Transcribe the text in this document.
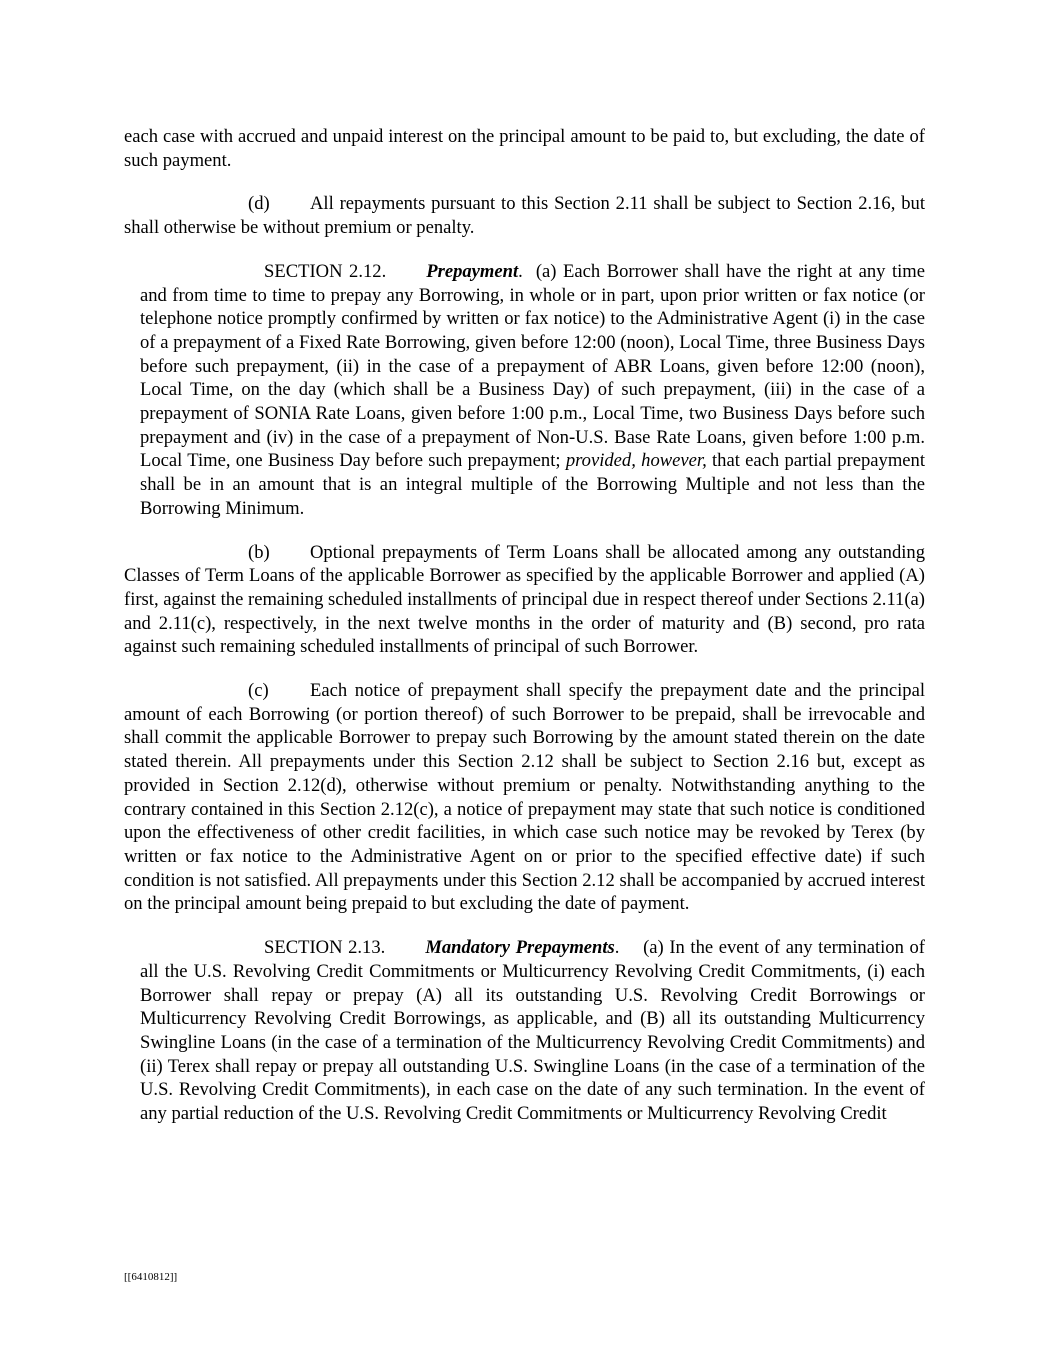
each case with accrued and unpaid interest on the principal amount to be paid to, but excluding, the date of such payment.

(d) All repayments pursuant to this Section 2.11 shall be subject to Section 2.16, but shall otherwise be without premium or penalty.

SECTION 2.12. Prepayment.  (a) Each Borrower shall have the right at any time and from time to time to prepay any Borrowing, in whole or in part, upon prior written or fax notice (or telephone notice promptly confirmed by written or fax notice) to the Administrative Agent (i) in the case of a prepayment of a Fixed Rate Borrowing, given before 12:00 (noon), Local Time, three Business Days before such prepayment, (ii) in the case of a prepayment of ABR Loans, given before 12:00 (noon), Local Time, on the day (which shall be a Business Day) of such prepayment, (iii) in the case of a prepayment of SONIA Rate Loans, given before 1:00 p.m., Local Time, two Business Days before such prepayment and (iv) in the case of a prepayment of Non-U.S. Base Rate Loans, given before 1:00 p.m. Local Time, one Business Day before such prepayment; provided, however, that each partial prepayment shall be in an amount that is an integral multiple of the Borrowing Multiple and not less than the Borrowing Minimum.

(b) Optional prepayments of Term Loans shall be allocated among any outstanding Classes of Term Loans of the applicable Borrower as specified by the applicable Borrower and applied (A) first, against the remaining scheduled installments of principal due in respect thereof under Sections 2.11(a) and 2.11(c), respectively, in the next twelve months in the order of maturity and (B) second, pro rata against such remaining scheduled installments of principal of such Borrower.

(c) Each notice of prepayment shall specify the prepayment date and the principal amount of each Borrowing (or portion thereof) of such Borrower to be prepaid, shall be irrevocable and shall commit the applicable Borrower to prepay such Borrowing by the amount stated therein on the date stated therein. All prepayments under this Section 2.12 shall be subject to Section 2.16 but, except as provided in Section 2.12(d), otherwise without premium or penalty. Notwithstanding anything to the contrary contained in this Section 2.12(c), a notice of prepayment may state that such notice is conditioned upon the effectiveness of other credit facilities, in which case such notice may be revoked by Terex (by written or fax notice to the Administrative Agent on or prior to the specified effective date) if such condition is not satisfied. All prepayments under this Section 2.12 shall be accompanied by accrued interest on the principal amount being prepaid to but excluding the date of payment.

SECTION 2.13. Mandatory Prepayments. (a) In the event of any termination of all the U.S. Revolving Credit Commitments or Multicurrency Revolving Credit Commitments, (i) each Borrower shall repay or prepay (A) all its outstanding U.S. Revolving Credit Borrowings or Multicurrency Revolving Credit Borrowings, as applicable, and (B) all its outstanding Multicurrency Swingline Loans (in the case of a termination of the Multicurrency Revolving Credit Commitments) and (ii) Terex shall repay or prepay all outstanding U.S. Swingline Loans (in the case of a termination of the U.S. Revolving Credit Commitments), in each case on the date of any such termination. In the event of any partial reduction of the U.S. Revolving Credit Commitments or Multicurrency Revolving Credit

[[6410812]]
